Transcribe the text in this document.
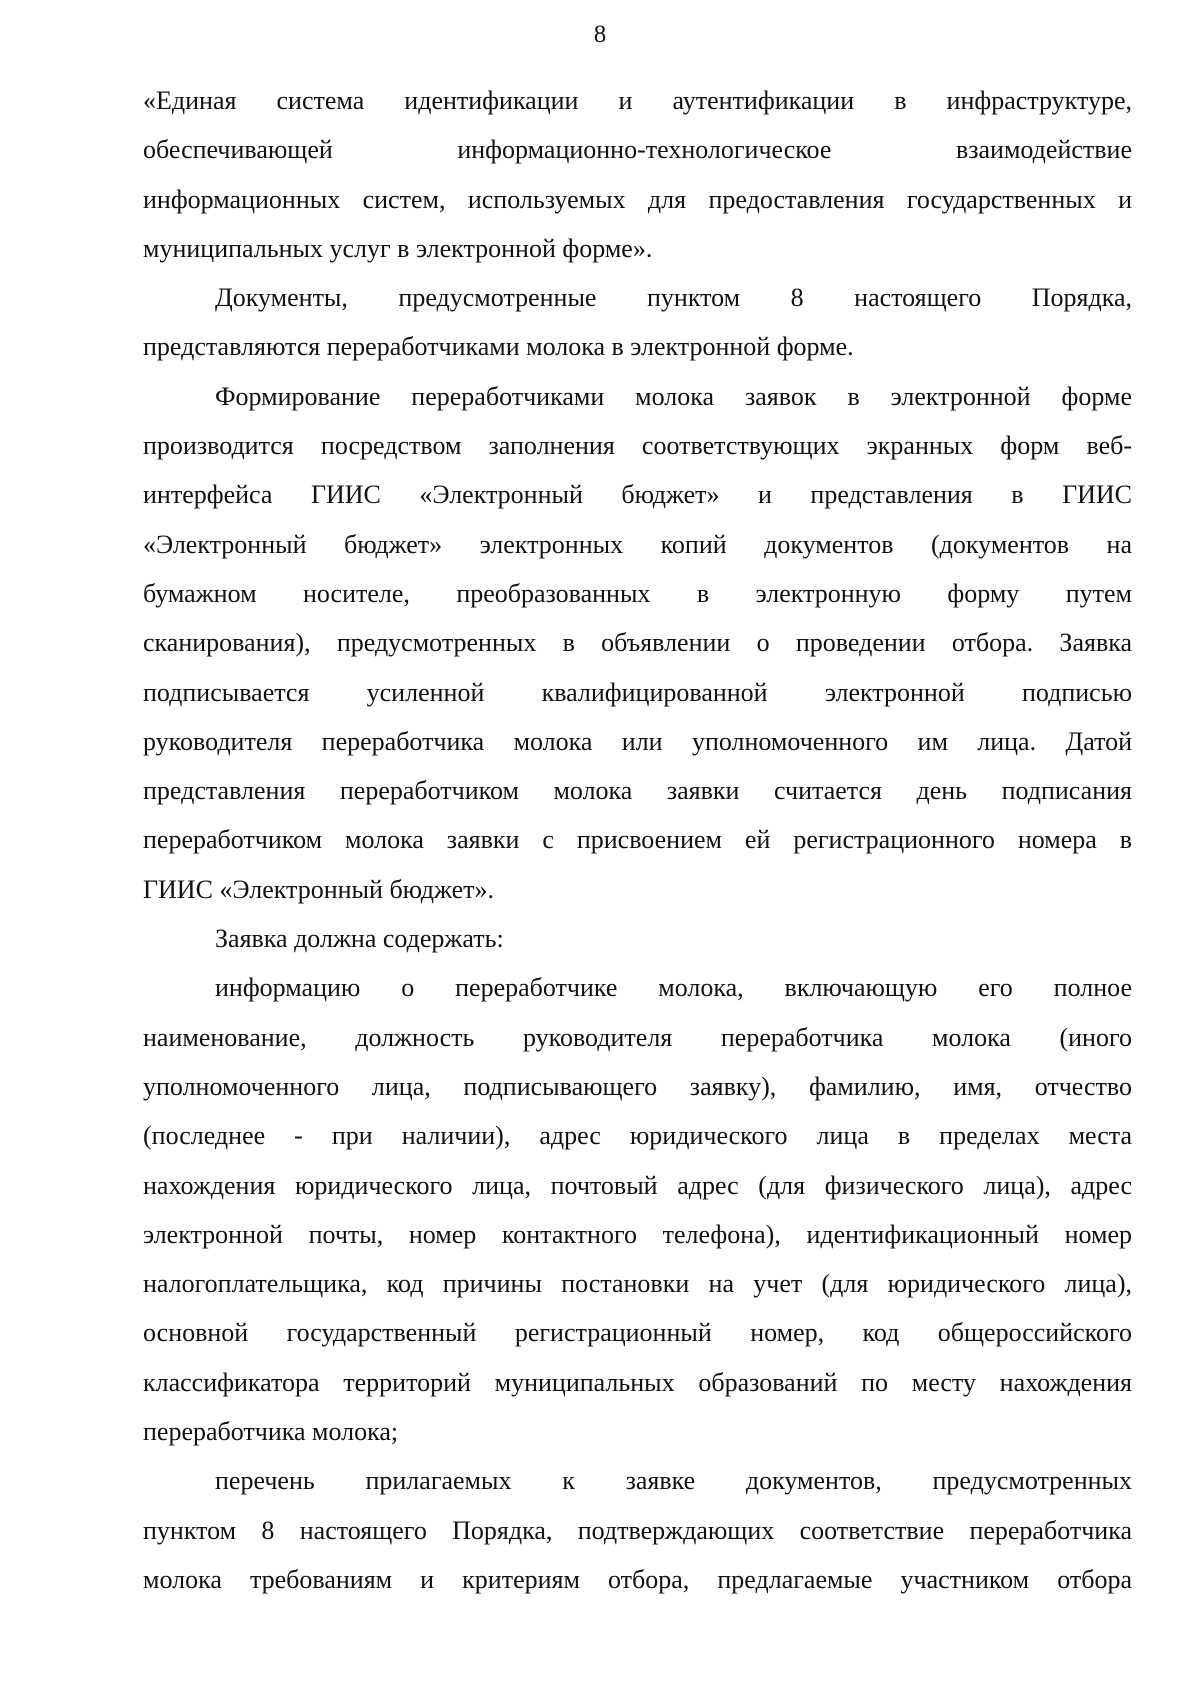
8

«Единая система идентификации и аутентификации в инфраструктуре,

обеспечивающей информационно-технологическое взаимодействие

информационных систем, используемых для предоставления государственных и

муниципальных услуг в электронной форме».

Документы, предусмотренные пунктом 8 настоящего Порядка,

представляются переработчиками молока в электронной форме.

Формирование переработчиками молока заявок в электронной форме

производится посредством заполнения соответствующих экранных форм веб-

интерфейса ГИИС «Электронный бюджет» и представления в ГИИС

«Электронный бюджет» электронных копий документов (документов на

бумажном носителе, преобразованных в электронную форму путем

сканирования), предусмотренных в объявлении о проведении отбора. Заявка

подписывается усиленной квалифицированной электронной подписью

руководителя переработчика молока или уполномоченного им лица. Датой

представления переработчиком молока заявки считается день подписания

переработчиком молока заявки с присвоением ей регистрационного номера в

ГИИС «Электронный бюджет».

Заявка должна содержать:

информацию о переработчике молока, включающую его полное

наименование, должность руководителя переработчика молока (иного

уполномоченного лица, подписывающего заявку), фамилию, имя, отчество

(последнее - при наличии), адрес юридического лица в пределах места

нахождения юридического лица, почтовый адрес (для физического лица), адрес

электронной почты, номер контактного телефона), идентификационный номер

налогоплательщика, код причины постановки на учет (для юридического лица),

основной государственный регистрационный номер, код общероссийского

классификатора территорий муниципальных образований по месту нахождения

переработчика молока;

перечень прилагаемых к заявке документов, предусмотренных

пунктом 8 настоящего Порядка, подтверждающих соответствие переработчика

молока требованиям и критериям отбора, предлагаемые участником отбора
